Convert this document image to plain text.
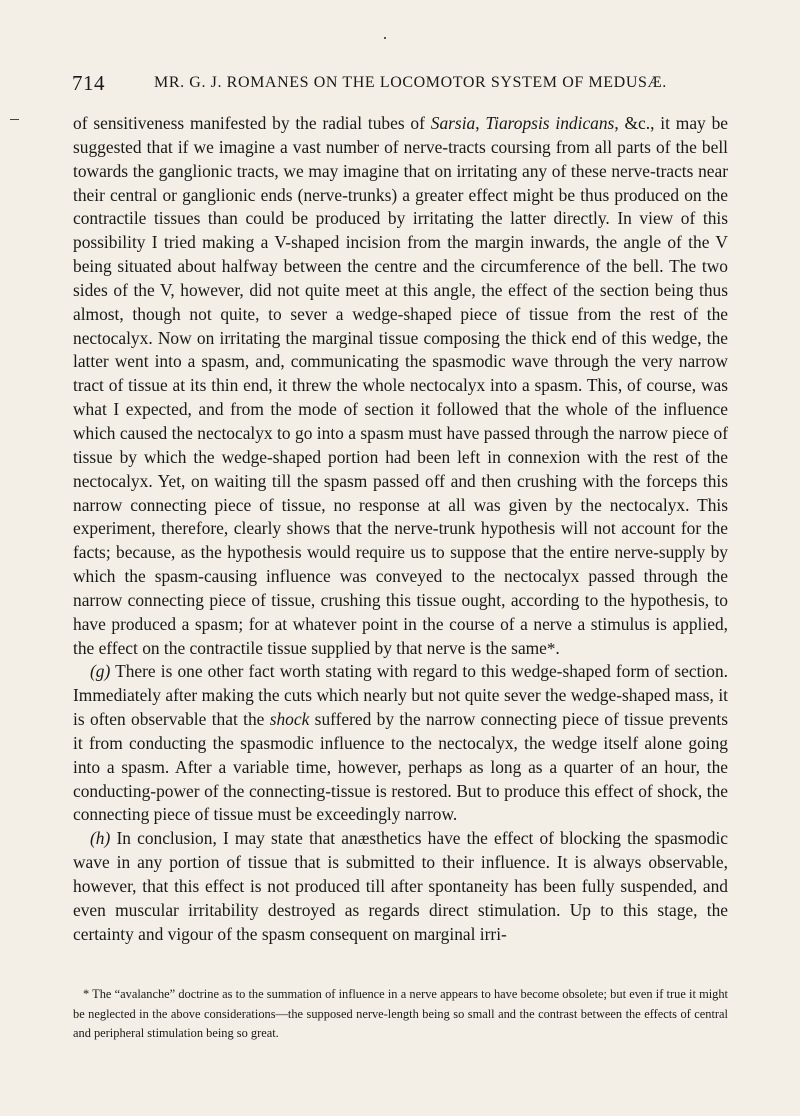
714	MR. G. J. ROMANES ON THE LOCOMOTOR SYSTEM OF MEDUSÆ.

of sensitiveness manifested by the radial tubes of Sarsia, Tiaropsis indicans, &c., it may be suggested that if we imagine a vast number of nerve-tracts coursing from all parts of the bell towards the ganglionic tracts, we may imagine that on irritating any of these nerve-tracts near their central or ganglionic ends (nerve-trunks) a greater effect might be thus produced on the contractile tissues than could be produced by irritating the latter directly. In view of this possibility I tried making a V-shaped incision from the margin inwards, the angle of the V being situated about halfway between the centre and the circumference of the bell. The two sides of the V, however, did not quite meet at this angle, the effect of the section being thus almost, though not quite, to sever a wedge-shaped piece of tissue from the rest of the nectocalyx. Now on irritating the marginal tissue composing the thick end of this wedge, the latter went into a spasm, and, communicating the spasmodic wave through the very narrow tract of tissue at its thin end, it threw the whole nectocalyx into a spasm. This, of course, was what I expected, and from the mode of section it followed that the whole of the influence which caused the nectocalyx to go into a spasm must have passed through the narrow piece of tissue by which the wedge-shaped portion had been left in connexion with the rest of the nectocalyx. Yet, on waiting till the spasm passed off and then crushing with the forceps this narrow connecting piece of tissue, no response at all was given by the nectocalyx. This experiment, therefore, clearly shows that the nerve-trunk hypothesis will not account for the facts; because, as the hypothesis would require us to suppose that the entire nerve-supply by which the spasm-causing influence was conveyed to the nectocalyx passed through the narrow connecting piece of tissue, crushing this tissue ought, according to the hypothesis, to have produced a spasm; for at whatever point in the course of a nerve a stimulus is applied, the effect on the contractile tissue supplied by that nerve is the same*.

(g) There is one other fact worth stating with regard to this wedge-shaped form of section. Immediately after making the cuts which nearly but not quite sever the wedge-shaped mass, it is often observable that the shock suffered by the narrow connecting piece of tissue prevents it from conducting the spasmodic influence to the nectocalyx, the wedge itself alone going into a spasm. After a variable time, however, perhaps as long as a quarter of an hour, the conducting-power of the connecting-tissue is restored. But to produce this effect of shock, the connecting piece of tissue must be exceedingly narrow.

(h) In conclusion, I may state that anæsthetics have the effect of blocking the spasmodic wave in any portion of tissue that is submitted to their influence. It is always observable, however, that this effect is not produced till after spontaneity has been fully suspended, and even muscular irritability destroyed as regards direct stimulation. Up to this stage, the certainty and vigour of the spasm consequent on marginal irri-

* The “avalanche” doctrine as to the summation of influence in a nerve appears to have become obsolete; but even if true it might be neglected in the above considerations—the supposed nerve-length being so small and the contrast between the effects of central and peripheral stimulation being so great.
